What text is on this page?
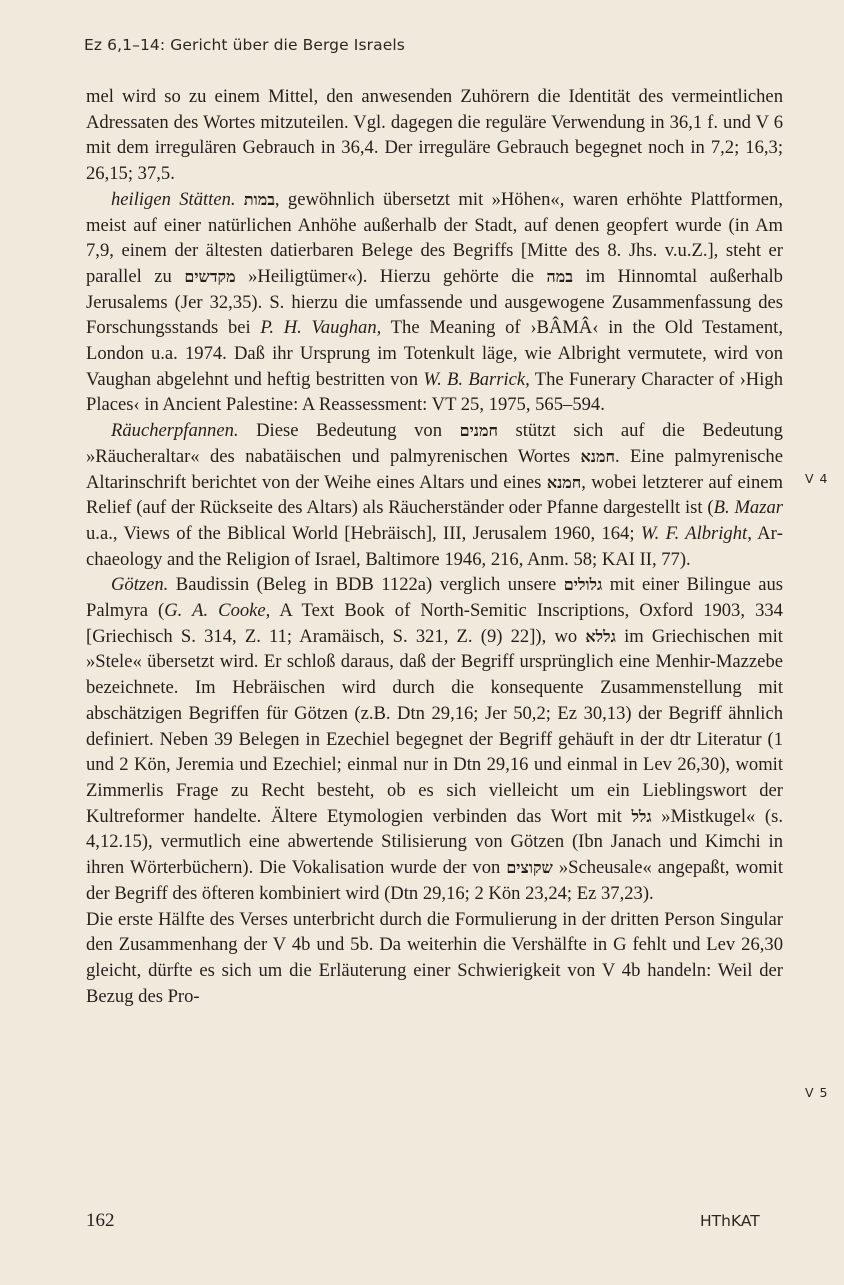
Ez 6,1–14: Gericht über die Berge Israels

mel wird so zu einem Mittel, den anwesenden Zuhörern die Identität des vermeintlichen Adressaten des Wortes mitzuteilen. Vgl. dagegen die reguläre Verwendung in 36,1 f. und V 6 mit dem irregulären Gebrauch in 36,4. Der irreguläre Gebrauch begegnet noch in 7,2; 16,3; 26,15; 37,5.

heiligen Stätten. במות, gewöhnlich übersetzt mit »Höhen«, waren erhöhte Plattformen, meist auf einer natürlichen Anhöhe außerhalb der Stadt, auf denen geopfert wurde (in Am 7,9, einem der ältesten datierbaren Belege des Begriffs [Mitte des 8. Jhs. v.u.Z.], steht er parallel zu מקדשים »Heiligtümer«). Hierzu gehörte die במה im Hinnomtal außerhalb Jerusalems (Jer 32,35). S. hierzu die umfassende und ausgewogene Zusammenfassung des Forschungsstands bei P. H. Vaughan, The Meaning of ›BÂMÂ‹ in the Old Testament, London u.a. 1974. Daß ihr Ursprung im Totenkult läge, wie Albright vermutete, wird von Vaughan abgelehnt und heftig bestritten von W. B. Barrick, The Funerary Character of ›High Places‹ in Ancient Palestine: A Reassessment: VT 25, 1975, 565–594.

Räucherpfannen. Diese Bedeutung von חמנים stützt sich auf die Bedeutung »Räucheraltar« des nabatäischen und palmyrenischen Wortes חמנא. Eine palmyrenische Altarinschrift berichtet von der Weihe eines Altars und eines חמנא, wobei letzterer auf einem Relief (auf der Rückseite des Altars) als Räucherständer oder Pfanne dargestellt ist (B. Mazar u.a., Views of the Biblical World [Hebräisch], III, Jerusalem 1960, 164; W. F. Albright, Archaeology and the Religion of Israel, Baltimore 1946, 216, Anm. 58; KAI II, 77).

Götzen. Baudissin (Beleg in BDB 1122a) verglich unsere גלולים mit einer Bilingue aus Palmyra (G. A. Cooke, A Text Book of North-Semitic Inscriptions, Oxford 1903, 334 [Griechisch S. 314, Z. 11; Aramäisch, S. 321, Z. (9) 22]), wo גללא im Griechischen mit »Stele« übersetzt wird. Er schloß daraus, daß der Begriff ursprünglich eine Menhir-Mazzebe bezeichnete. Im Hebräischen wird durch die konsequente Zusammenstellung mit abschätzigen Begriffen für Götzen (z.B. Dtn 29,16; Jer 50,2; Ez 30,13) der Begriff ähnlich definiert. Neben 39 Belegen in Ezechiel begegnet der Begriff gehäuft in der dtr Literatur (1 und 2 Kön, Jeremia und Ezechiel; einmal nur in Dtn 29,16 und einmal in Lev 26,30), womit Zimmerlis Frage zu Recht besteht, ob es sich vielleicht um ein Lieblingswort der Kultreformer handelte. Ältere Etymologien verbinden das Wort mit גלל »Mistkugel« (s. 4,12.15), vermutlich eine abwertende Stilisierung von Götzen (Ibn Janach und Kimchi in ihren Wörterbüchern). Die Vokalisation wurde der von שקוצים »Scheusale« angepaßt, womit der Begriff des öfteren kombiniert wird (Dtn 29,16; 2 Kön 23,24; Ez 37,23).

Die erste Hälfte des Verses unterbricht durch die Formulierung in der dritten Person Singular den Zusammenhang der V 4b und 5b. Da weiterhin die Vershälfte in G fehlt und Lev 26,30 gleicht, dürfte es sich um die Erläuterung einer Schwierigkeit von V 4b handeln: Weil der Bezug des Pro-

V 4
V 5
162	HThKAT
